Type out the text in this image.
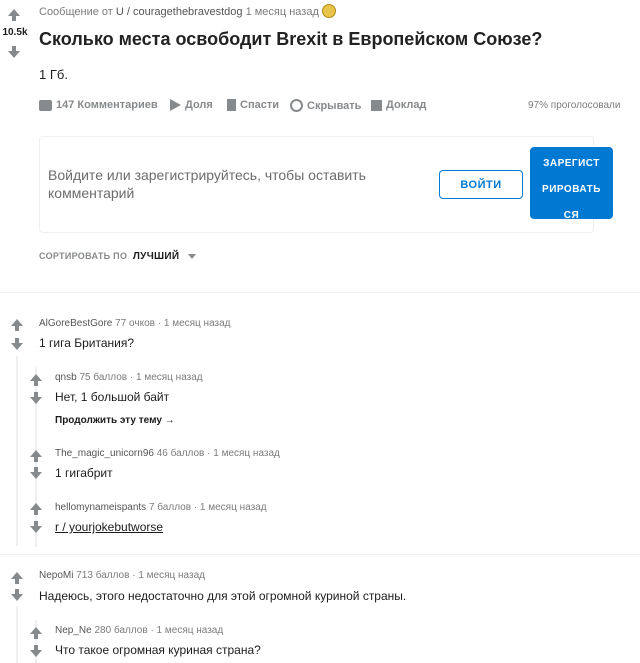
10.5k
Сообщение от U / couragethebravestdog 1 месяц назад
Сколько места освободит Brexit в Европейском Союзе?
1 Гб.
147 Комментариев Доля Спасти	Скрывать Доклад	97% проголосовали
Войдите или зарегистрируйтесь, чтобы оставить комментарий
ВОЙТИ
ЗАРЕГИСТ
РИРОВАТЬ
СЯ
СОРТИРОВАТЬ ПО ЛУЧШИЙ
AlGoreBestGore 77 очков · 1 месяц назад
1 гига Британия?
qnsb 75 баллов · 1 месяц назад
Нет, 1 большой байт
Продолжить эту тему →
The_magic_unicorn96 46 баллов · 1 месяц назад
1 гигабрит
hellomynameispants 7 баллов · 1 месяц назад
r / yourjokebutworse
NepoMi 713 баллов · 1 месяц назад
Надеюсь, этого недостаточно для этой огромной куриной страны.
Nep_Ne 280 баллов · 1 месяц назад
Что такое огромная куриная страна?
